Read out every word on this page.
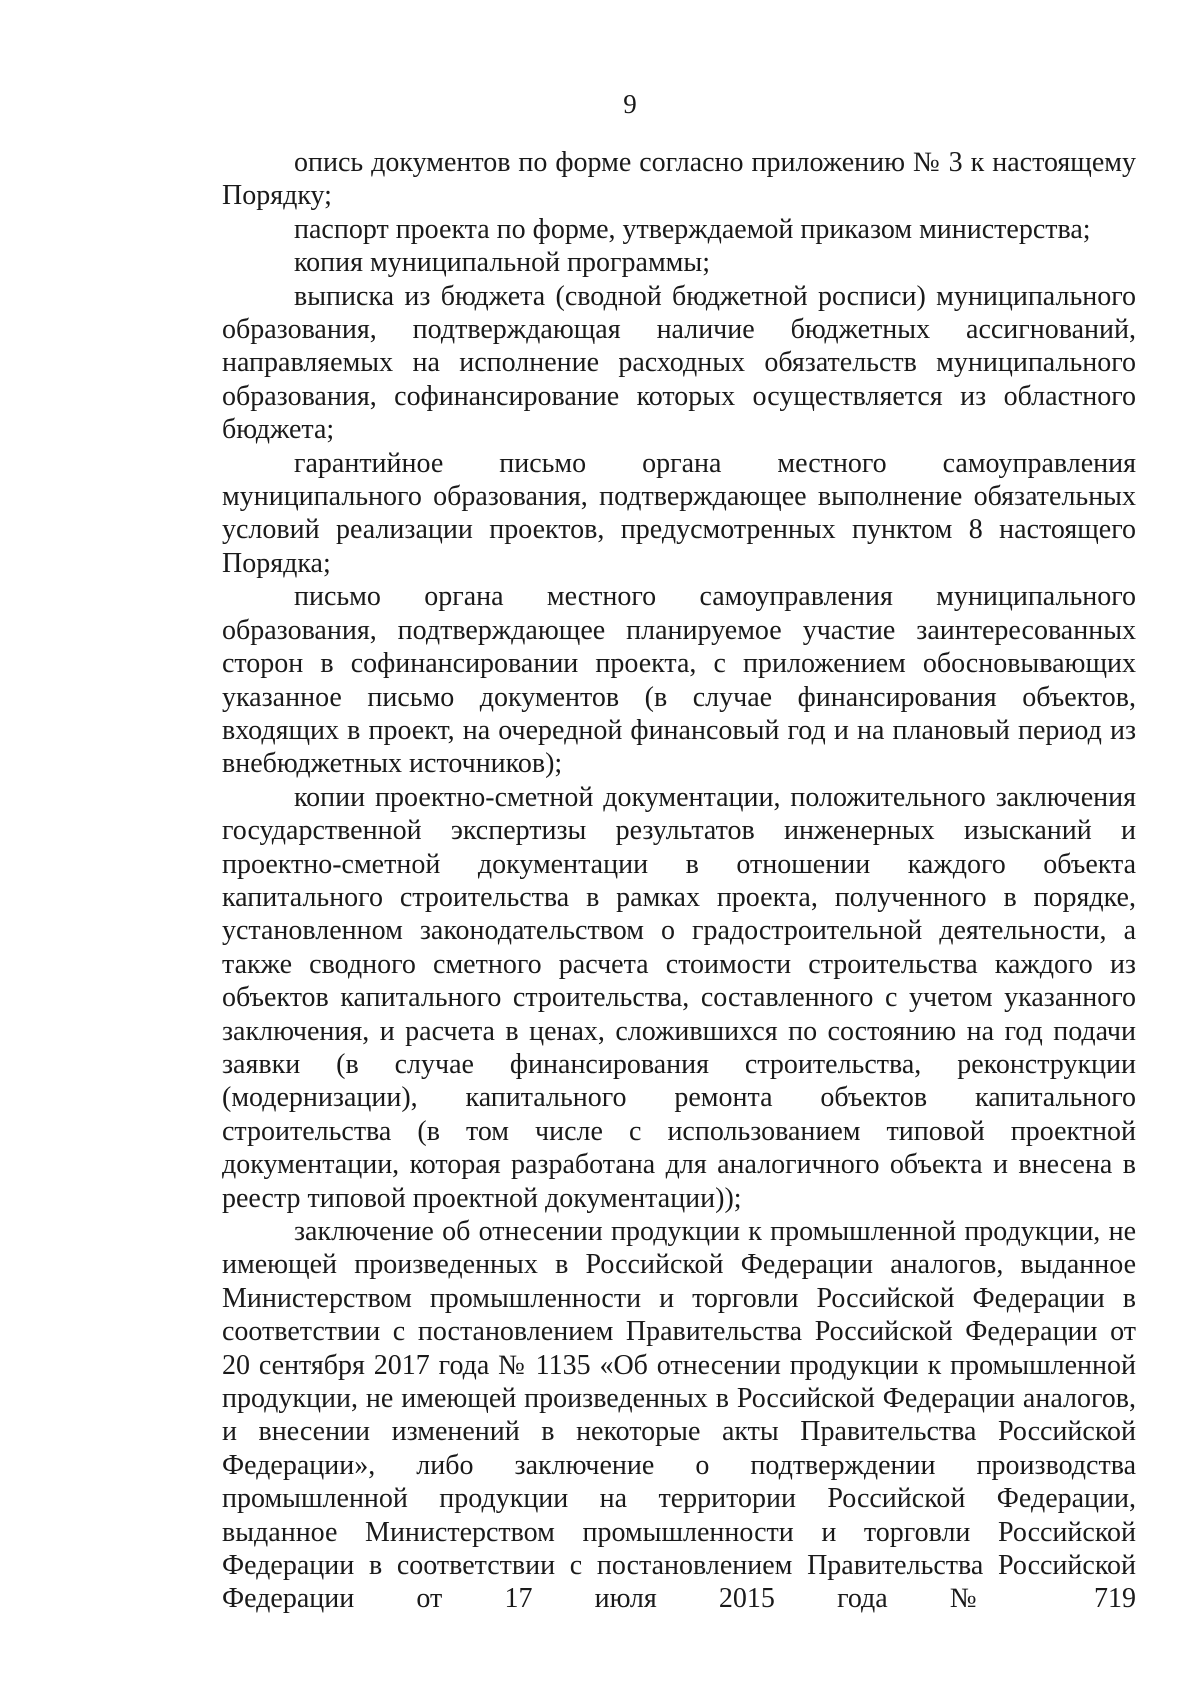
9

опись документов по форме согласно приложению № 3 к настоящему Порядку;

паспорт проекта по форме, утверждаемой приказом министерства;

копия муниципальной программы;

выписка из бюджета (сводной бюджетной росписи) муниципального образования, подтверждающая наличие бюджетных ассигнований, направляемых на исполнение расходных обязательств муниципального образования, софинансирование которых осуществляется из областного бюджета;

гарантийное письмо органа местного самоуправления муниципального образования, подтверждающее выполнение обязательных условий реализации проектов, предусмотренных пунктом 8 настоящего Порядка;

письмо органа местного самоуправления муниципального образования, подтверждающее планируемое участие заинтересованных сторон в софинансировании проекта, с приложением обосновывающих указанное письмо документов (в случае финансирования объектов, входящих в проект, на очередной финансовый год и на плановый период из внебюджетных источников);

копии проектно-сметной документации, положительного заключения государственной экспертизы результатов инженерных изысканий и проектно-сметной документации в отношении каждого объекта капитального строительства в рамках проекта, полученного в порядке, установленном законодательством о градостроительной деятельности, а также сводного сметного расчета стоимости строительства каждого из объектов капитального строительства, составленного с учетом указанного заключения, и расчета в ценах, сложившихся по состоянию на год подачи заявки (в случае финансирования строительства, реконструкции (модернизации), капитального ремонта объектов капитального строительства (в том числе с использованием типовой проектной документации, которая разработана для аналогичного объекта и внесена в реестр типовой проектной документации));

заключение об отнесении продукции к промышленной продукции, не имеющей произведенных в Российской Федерации аналогов, выданное Министерством промышленности и торговли Российской Федерации в соответствии с постановлением Правительства Российской Федерации от 20 сентября 2017 года № 1135 «Об отнесении продукции к промышленной продукции, не имеющей произведенных в Российской Федерации аналогов, и внесении изменений в некоторые акты Правительства Российской Федерации», либо заключение о подтверждении производства промышленной продукции на территории Российской Федерации, выданное Министерством промышленности и торговли Российской Федерации в соответствии с постановлением Правительства Российской Федерации от 17 июля 2015 года № 719
